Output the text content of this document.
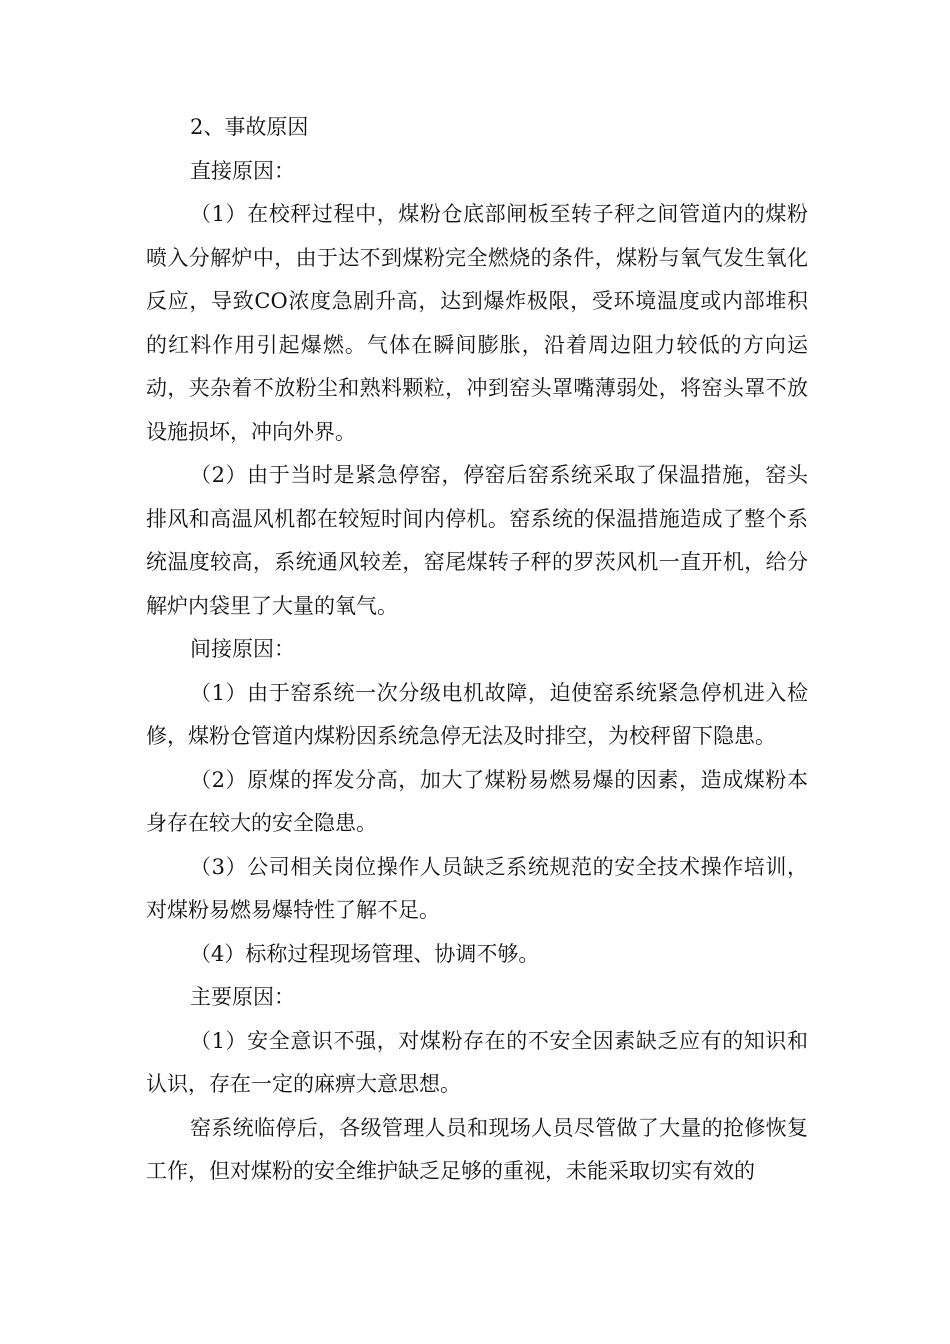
2、事故原因

直接原因：

（1）在校秤过程中，煤粉仓底部闸板至转子秤之间管道内的煤粉喷入分解炉中，由于达不到煤粉完全燃烧的条件，煤粉与氧气发生氧化反应，导致CO浓度急剧升高，达到爆炸极限，受环境温度或内部堆积的红料作用引起爆燃。气体在瞬间膨胀，沿着周边阻力较低的方向运动，夹杂着不放粉尘和熟料颗粒，冲到窑头罩嘴薄弱处，将窑头罩不放设施损坏，冲向外界。

（2）由于当时是紧急停窑，停窑后窑系统采取了保温措施，窑头排风和高温风机都在较短时间内停机。窑系统的保温措施造成了整个系统温度较高，系统通风较差，窑尾煤转子秤的罗茨风机一直开机，给分解炉内袋里了大量的氧气。

间接原因：

（1）由于窑系统一次分级电机故障，迫使窑系统紧急停机进入检修，煤粉仓管道内煤粉因系统急停无法及时排空，为校秤留下隐患。

（2）原煤的挥发分高，加大了煤粉易燃易爆的因素，造成煤粉本身存在较大的安全隐患。

（3）公司相关岗位操作人员缺乏系统规范的安全技术操作培训，对煤粉易燃易爆特性了解不足。

（4）标称过程现场管理、协调不够。

主要原因：

（1）安全意识不强，对煤粉存在的不安全因素缺乏应有的知识和认识，存在一定的麻痹大意思想。

窑系统临停后，各级管理人员和现场人员尽管做了大量的抢修恢复工作，但对煤粉的安全维护缺乏足够的重视，未能采取切实有效的
